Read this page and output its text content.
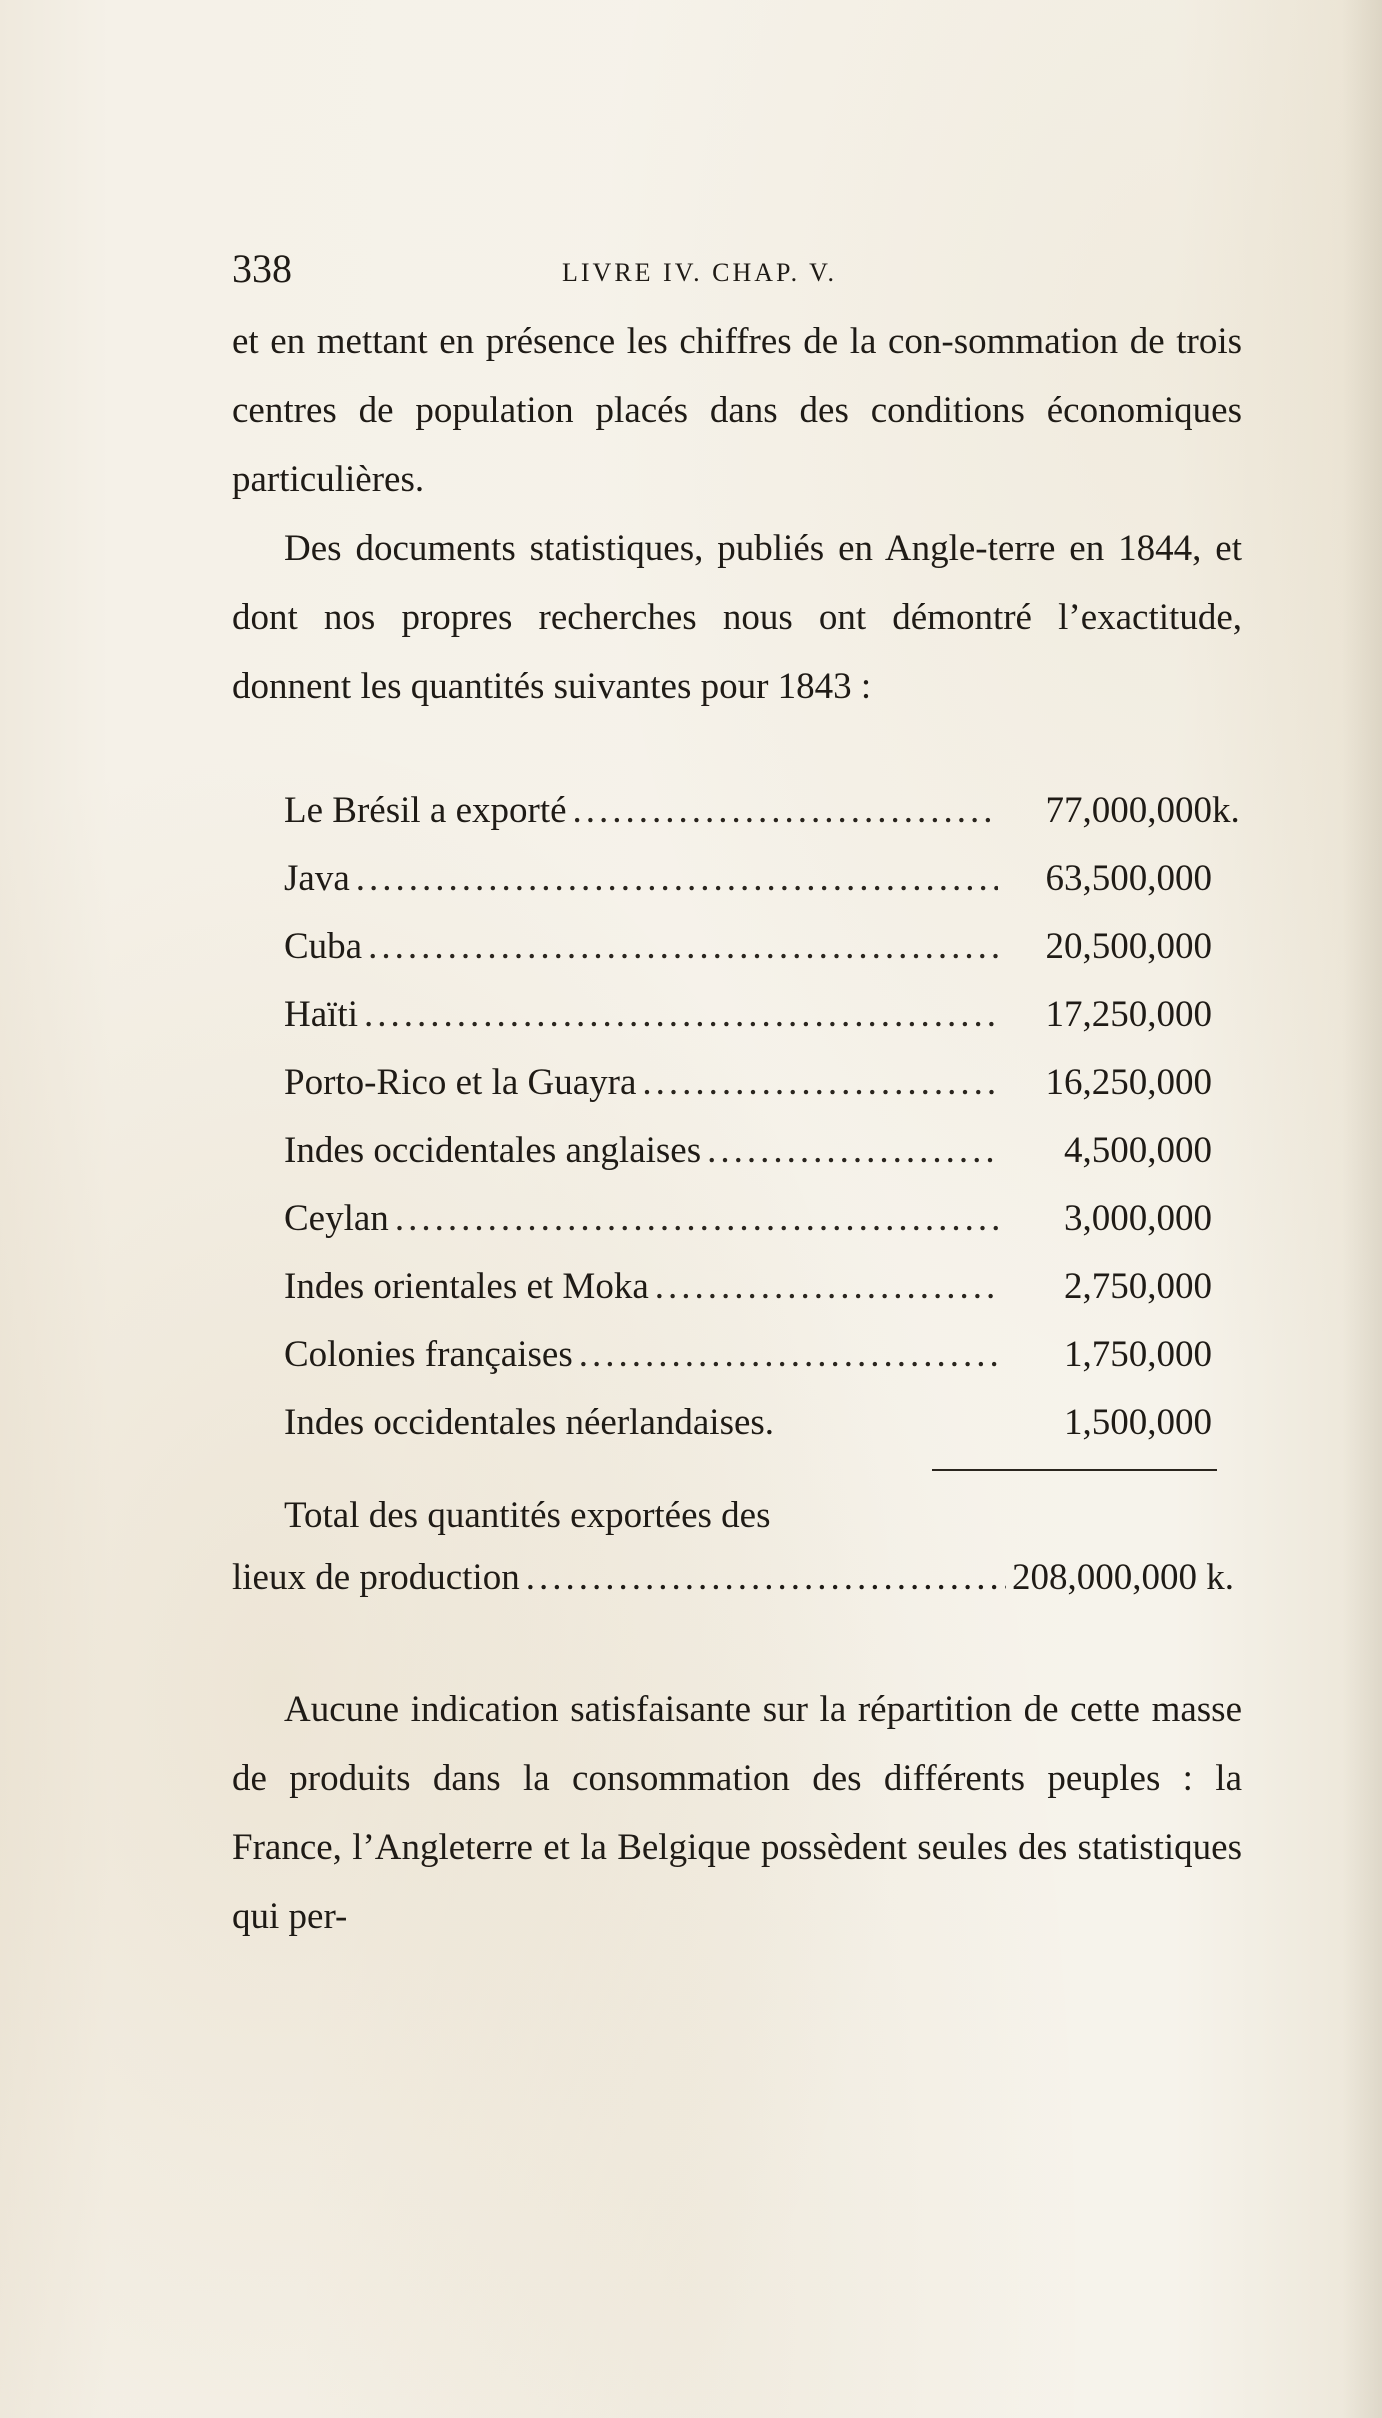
338	LIVRE IV. CHAP. V.

et en mettant en présence les chiffres de la con-sommation de trois centres de population placés dans des conditions économiques particulières.

Des documents statistiques, publiés en Angle-terre en 1844, et dont nos propres recherches nous ont démontré l’exactitude, donnent les quantités suivantes pour 1843 :

Le Brésil a exporté .....	77,000,000k.
Java .....	63,500,000
Cuba .....	20,500,000
Haïti .....	17,250,000
Porto-Rico et la Guayra .....	16,250,000
Indes occidentales anglaises .....	4,500,000
Ceylan .....	3,000,000
Indes orientales et Moka .....	2,750,000
Colonies françaises .....	1,750,000
Indes occidentales néerlandaises.	1,500,000
Total des quantités exportées des
lieux de production .....	208,000,000 k.

Aucune indication satisfaisante sur la répartition de cette masse de produits dans la consommation des différents peuples : la France, l’Angleterre et la Belgique possèdent seules des statistiques qui per-
